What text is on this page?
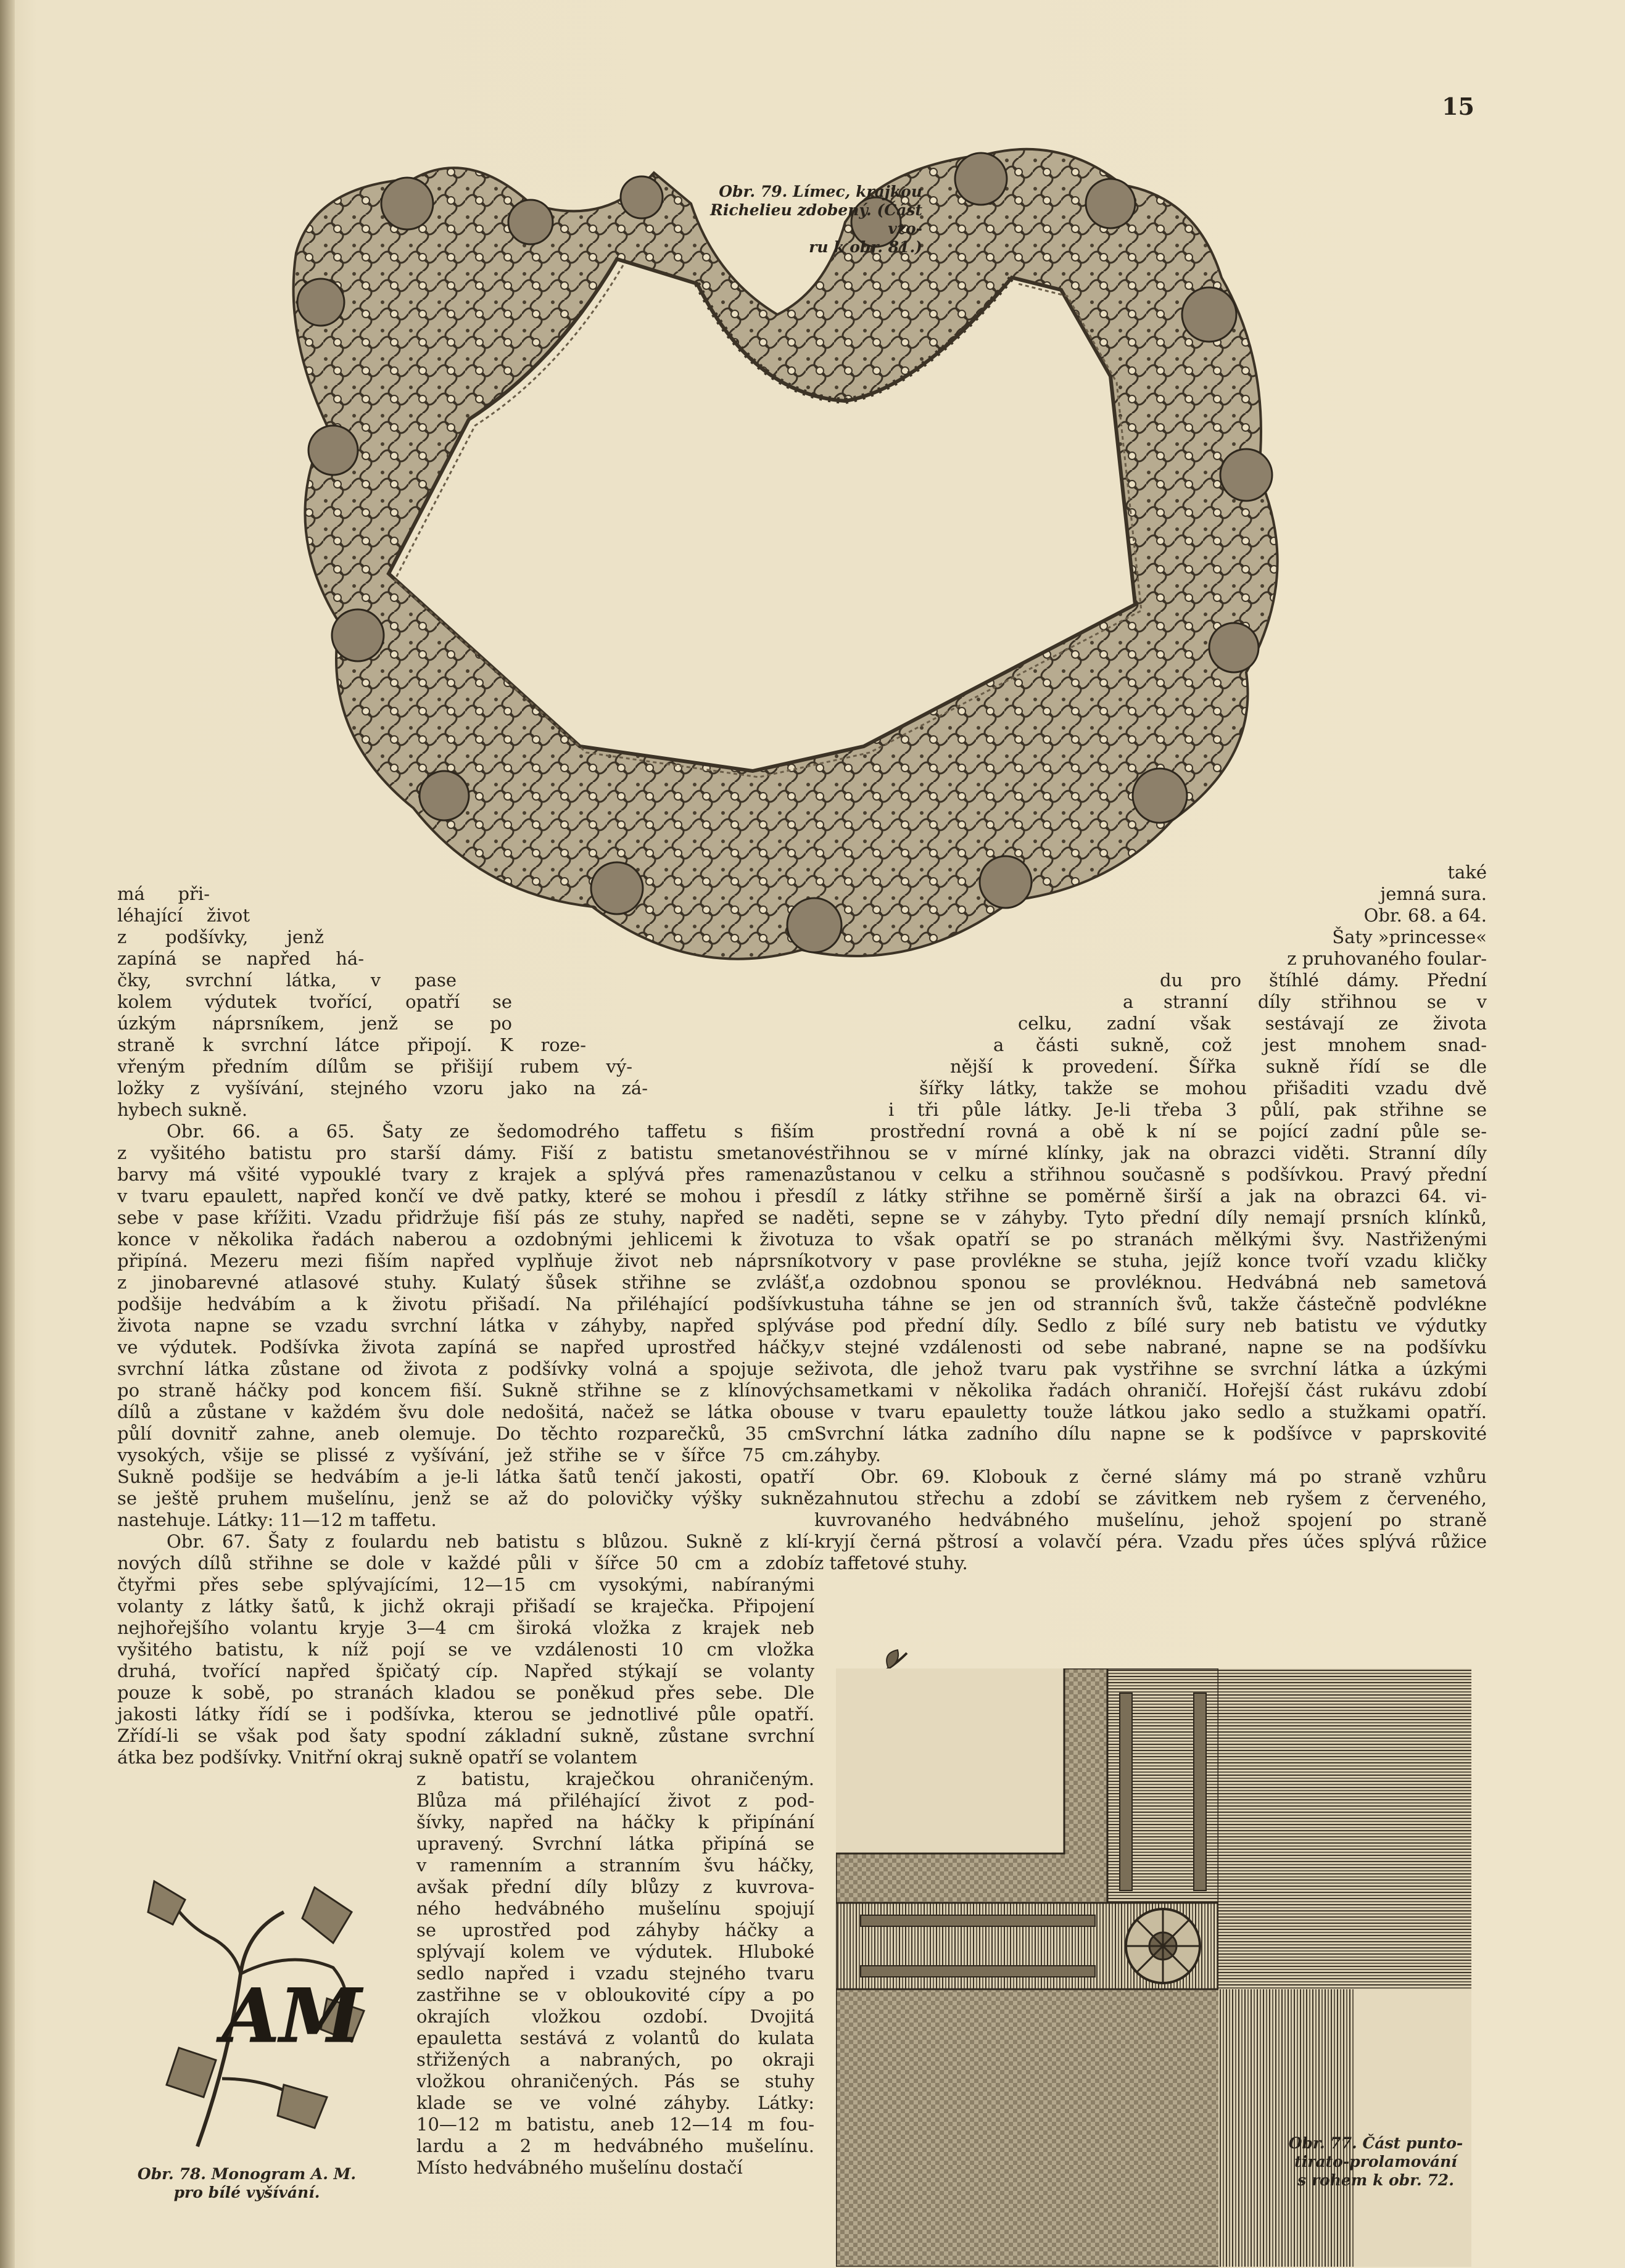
15
Obr. 79. Límec, krajkou
Richelieu zdobený. (Část vzo-
ru k obr. 81.)
má při-
léhající život
z podšívky, jenž
zapíná se napřed há-
čky, svrchní látka, v pase
kolem výdutek tvořící, opatří se
úzkým náprsníkem, jenž se po
straně k svrchní látce připojí. K roze-
vřeným předním dílům se přišijí rubem vý-
ložky z vyšívání, stejného vzoru jako na zá-
hybech sukně.
Obr. 66. a 65. Šaty ze šedomodrého taffetu s fiším
z vyšitého batistu pro starší dámy. Fiší z batistu smetanové
barvy má všité vypouklé tvary z krajek a splývá přes ramena
v tvaru epaulett, napřed končí ve dvě patky, které se mohou i přes
sebe v pase křížiti. Vzadu přidržuje fiší pás ze stuhy, napřed se na
konce v několika řadách naberou a ozdobnými jehlicemi k životu
připíná. Mezeru mezi fiším napřed vyplňuje život neb náprsník
z jinobarevné atlasové stuhy. Kulatý šůsek střihne se zvlášť,
podšije hedvábím a k životu přišadí. Na přiléhající podšívku
života napne se vzadu svrchní látka v záhyby, napřed splývá
ve výdutek. Podšívka života zapíná se napřed uprostřed háčky,
svrchní látka zůstane od života z podšívky volná a spojuje se
po straně háčky pod koncem fiší. Sukně střihne se z klínových
dílů a zůstane v každém švu dole nedošitá, načež se látka obou
půlí dovnitř zahne, aneb olemuje. Do těchto rozparečků, 35 cm
vysokých, všije se plissé z vyšívání, jež střihe se v šířce 75 cm.
Sukně podšije se hedvábím a je-li látka šatů tenčí jakosti, opatří
se ještě pruhem mušelínu, jenž se až do polovičky výšky sukně
nastehuje. Látky: 11—12 m taffetu.
Obr. 67. Šaty z foulardu neb batistu s blůzou. Sukně z klí-
nových dílů střihne se dole v každé půli v šířce 50 cm a zdobí
čtyřmi přes sebe splývajícími, 12—15 cm vysokými, nabíranými
volanty z látky šatů, k jichž okraji přišadí se kraječka. Připojení
nejhořejšího volantu kryje 3—4 cm široká vložka z krajek neb
vyšitého batistu, k níž pojí se ve vzdálenosti 10 cm vložka
druhá, tvořící napřed špičatý cíp. Napřed stýkají se volanty
pouze k sobě, po stranách kladou se poněkud přes sebe. Dle
jakosti látky řídí se i podšívka, kterou se jednotlivé půle opatří.
Zřídí-li se však pod šaty spodní základní sukně, zůstane svrchní
átka bez podšívky. Vnitřní okraj sukně opatří se volantem
z batistu, kraječkou ohraničeným.
Blůza má přiléhající život z pod-
šívky, napřed na háčky k připínání
upravený. Svrchní látka připíná se
v ramenním a stranním švu háčky,
avšak přední díly blůzy z kuvrova-
ného hedvábného mušelínu spojují
se uprostřed pod záhyby háčky a
splývají kolem ve výdutek. Hluboké
sedlo napřed i vzadu stejného tvaru
zastřihne se v obloukovité cípy a po
okrajích vložkou ozdobí. Dvojitá
epauletta sestává z volantů do kulata
střižených a nabraných, po okraji
vložkou ohraničených. Pás se stuhy
klade se ve volné záhyby. Látky:
10—12 m batistu, aneb 12—14 m fou-
lardu a 2 m hedvábného mušelínu.
Místo hedvábného mušelínu dostačí
také
jemná sura.
Obr. 68. a 64.
Šaty »princesse«
z pruhovaného foular-
du pro štíhlé dámy. Přední
a stranní díly střihnou se v
celku, zadní však sestávají ze života
a části sukně, což jest mnohem snad-
nější k provedení. Šířka sukně řídí se dle
šířky látky, takže se mohou přišaditi vzadu dvě
i tři půle látky. Je-li třeba 3 půlí, pak střihne se
prostřední rovná a obě k ní se pojící zadní půle se-
střihnou se v mírné klínky, jak na obrazci viděti. Stranní díly
zůstanou v celku a střihnou současně s podšívkou. Pravý přední
díl z látky střihne se poměrně širší a jak na obrazci 64. vi-
děti, sepne se v záhyby. Tyto přední díly nemají prsních klínků,
za to však opatří se po stranách mělkými švy. Nastřiženými
otvory v pase provlékne se stuha, jejíž konce tvoří vzadu kličky
a ozdobnou sponou se provléknou. Hedvábná neb sametová
stuha táhne se jen od stranních švů, takže částečně podvlékne
se pod přední díly. Sedlo z bílé sury neb batistu ve výdutky
v stejné vzdálenosti od sebe nabrané, napne se na podšívku
života, dle jehož tvaru pak vystřihne se svrchní látka a úzkými
sametkami v několika řadách ohraničí. Hořejší část rukávu zdobí
se v tvaru epauletty touže látkou jako sedlo a stužkami opatří.
Svrchní látka zadního dílu napne se k podšívce v paprskovité
záhyby.
Obr. 69. Klobouk z černé slámy má po straně vzhůru
zahnutou střechu a zdobí se závitkem neb ryšem z červeného,
kuvrovaného hedvábného mušelínu, jehož spojení po straně
kryjí černá pštrosí a volavčí péra. Vzadu přes účes splývá růžice
z taffetové stuhy.
AM
Obr. 78. Monogram A. M.
pro bílé vyšívání.
Obr. 77. Část punto-
tirato-prolamování
s rohem k obr. 72.
